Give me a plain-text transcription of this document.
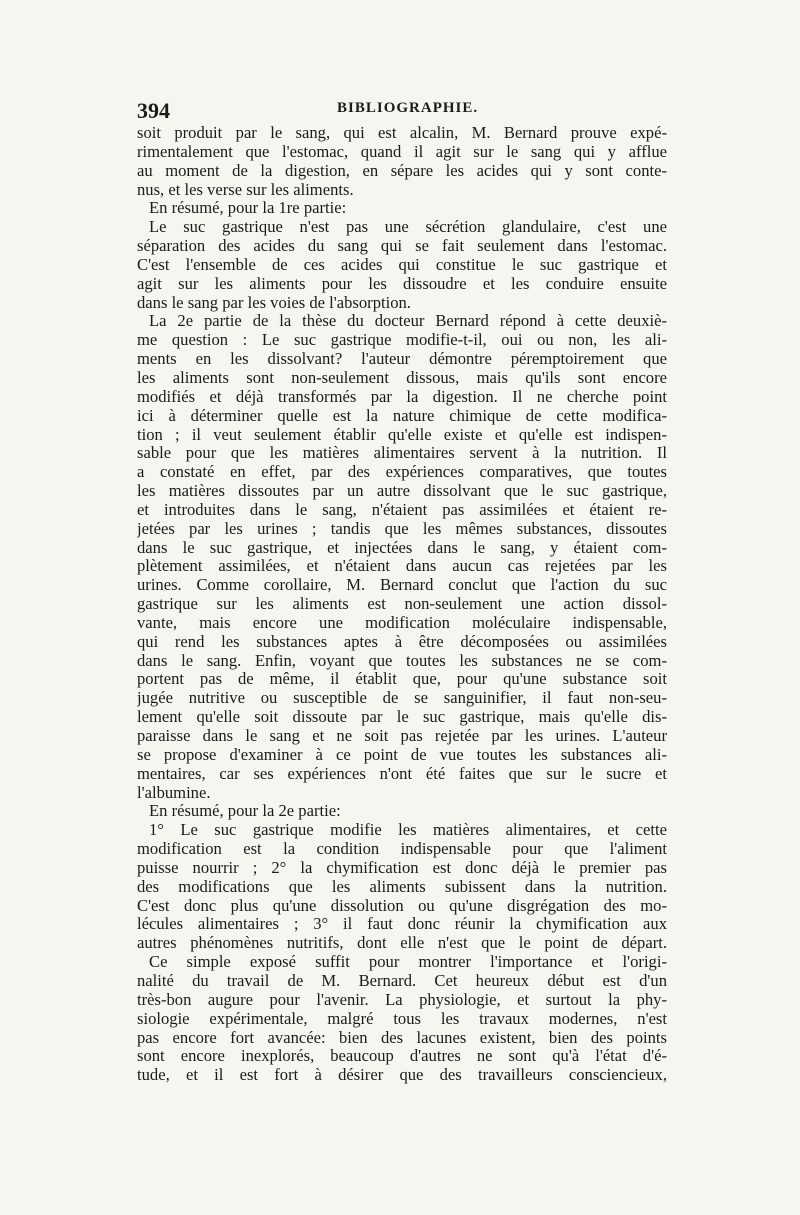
394	BIBLIOGRAPHIE.
soit produit par le sang, qui est alcalin, M. Bernard prouve expé-
rimentalement que l'estomac, quand il agit sur le sang qui y afflue
au moment de la digestion, en sépare les acides qui y sont conte-
nus, et les verse sur les aliments.
En résumé, pour la 1re partie:
Le suc gastrique n'est pas une sécrétion glandulaire, c'est une
séparation des acides du sang qui se fait seulement dans l'estomac.
C'est l'ensemble de ces acides qui constitue le suc gastrique et
agit sur les aliments pour les dissoudre et les conduire ensuite
dans le sang par les voies de l'absorption.
La 2e partie de la thèse du docteur Bernard répond à cette deuxiè-
me question : Le suc gastrique modifie-t-il, oui ou non, les ali-
ments en les dissolvant? l'auteur démontre péremptoirement que
les aliments sont non-seulement dissous, mais qu'ils sont encore
modifiés et déjà transformés par la digestion. Il ne cherche point
ici à déterminer quelle est la nature chimique de cette modifica-
tion ; il veut seulement établir qu'elle existe et qu'elle est indispen-
sable pour que les matières alimentaires servent à la nutrition. Il
a constaté en effet, par des expériences comparatives, que toutes
les matières dissoutes par un autre dissolvant que le suc gastrique,
et introduites dans le sang, n'étaient pas assimilées et étaient re-
jetées par les urines ; tandis que les mêmes substances, dissoutes
dans le suc gastrique, et injectées dans le sang, y étaient com-
plètement assimilées, et n'étaient dans aucun cas rejetées par les
urines. Comme corollaire, M. Bernard conclut que l'action du suc
gastrique sur les aliments est non-seulement une action dissol-
vante, mais encore une modification moléculaire indispensable,
qui rend les substances aptes à être décomposées ou assimilées
dans le sang. Enfin, voyant que toutes les substances ne se com-
portent pas de même, il établit que, pour qu'une substance soit
jugée nutritive ou susceptible de se sanguinifier, il faut non-seu-
lement qu'elle soit dissoute par le suc gastrique, mais qu'elle dis-
paraisse dans le sang et ne soit pas rejetée par les urines. L'auteur
se propose d'examiner à ce point de vue toutes les substances ali-
mentaires, car ses expériences n'ont été faites que sur le sucre et
l'albumine.
En résumé, pour la 2e partie:
1° Le suc gastrique modifie les matières alimentaires, et cette
modification est la condition indispensable pour que l'aliment
puisse nourrir ; 2° la chymification est donc déjà le premier pas
des modifications que les aliments subissent dans la nutrition.
C'est donc plus qu'une dissolution ou qu'une disgrégation des mo-
lécules alimentaires ; 3° il faut donc réunir la chymification aux
autres phénomènes nutritifs, dont elle n'est que le point de départ.
Ce simple exposé suffit pour montrer l'importance et l'origi-
nalité du travail de M. Bernard. Cet heureux début est d'un
très-bon augure pour l'avenir. La physiologie, et surtout la phy-
siologie expérimentale, malgré tous les travaux modernes, n'est
pas encore fort avancée: bien des lacunes existent, bien des points
sont encore inexplorés, beaucoup d'autres ne sont qu'à l'état d'é-
tude, et il est fort à désirer que des travailleurs consciencieux,
